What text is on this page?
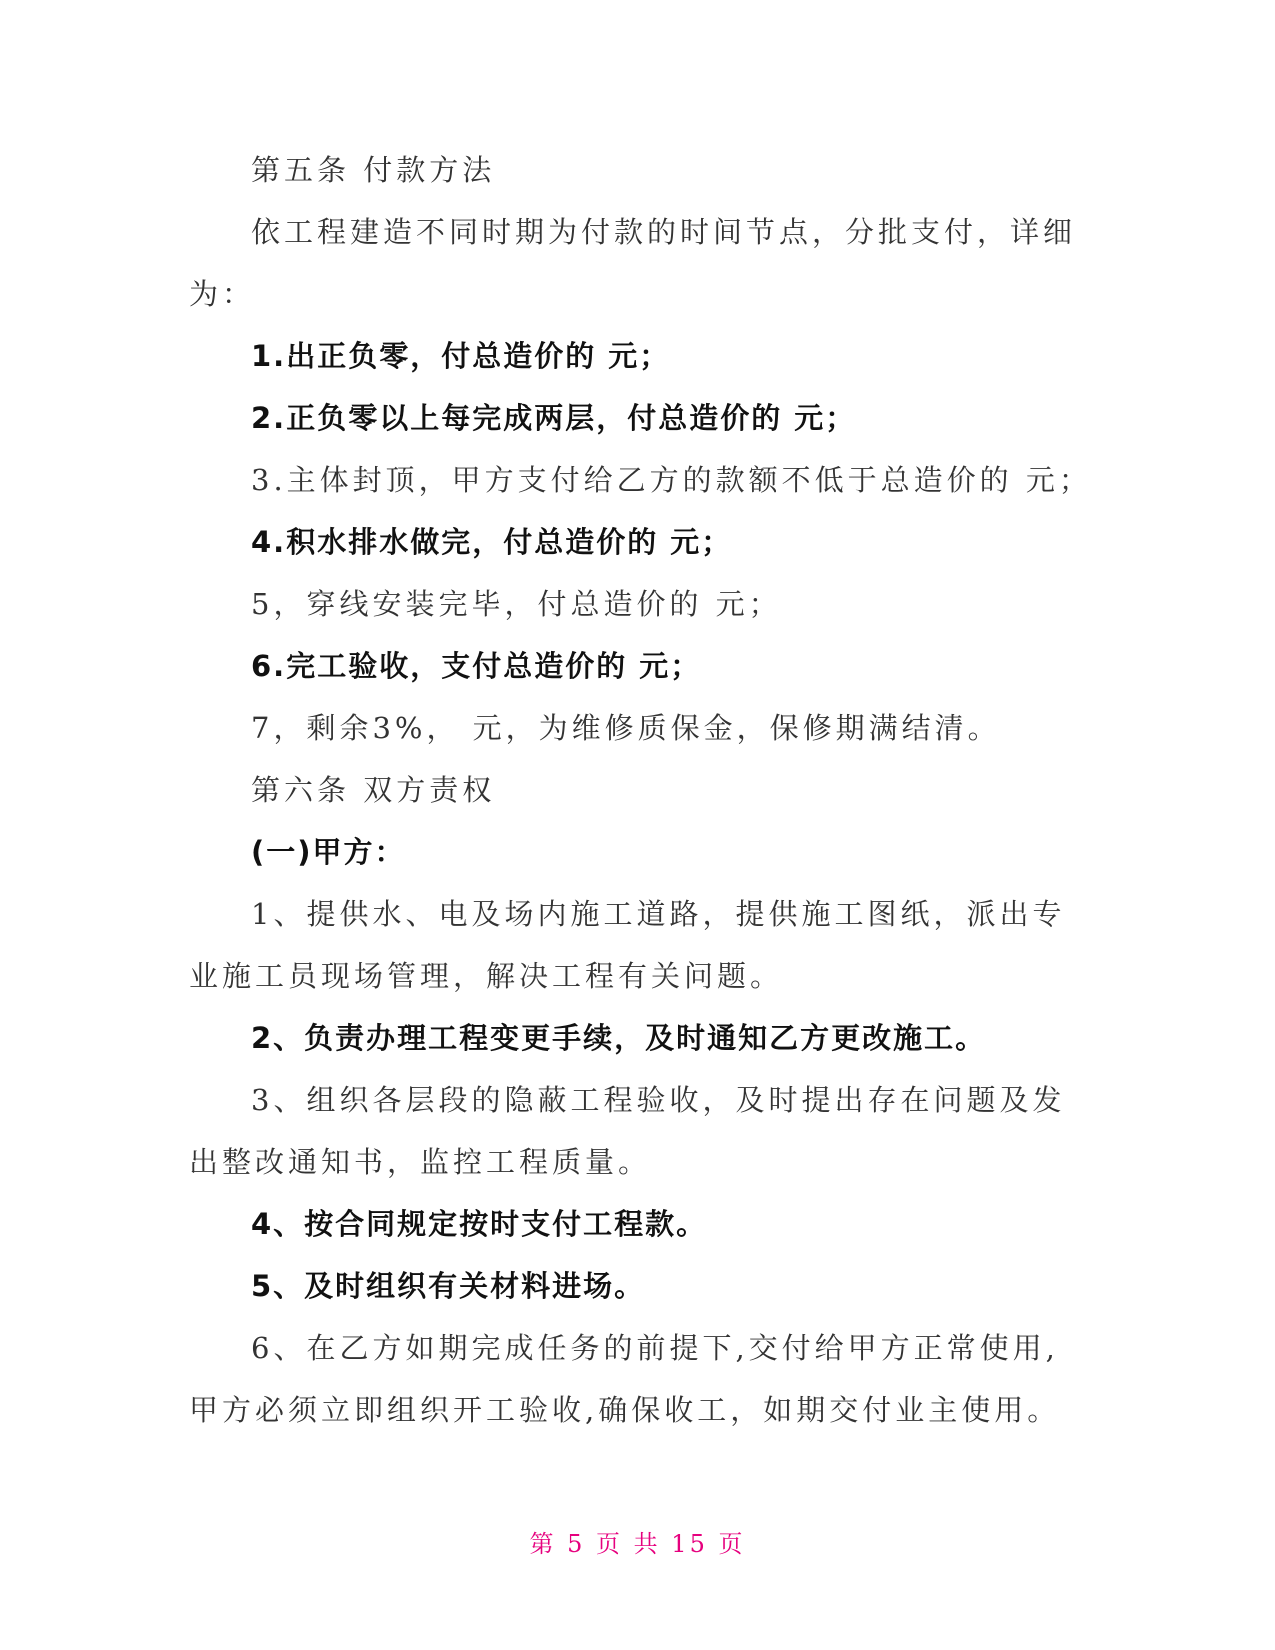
第五条 付款方法
依工程建造不同时期为付款的时间节点，分批支付，详细
为：
1.出正负零，付总造价的 元；
2.正负零以上每完成两层，付总造价的 元；
3.主体封顶，甲方支付给乙方的款额不低于总造价的 元；
4.积水排水做完，付总造价的 元；
5，穿线安装完毕，付总造价的 元；
6.完工验收，支付总造价的 元；
7，剩余3%， 元，为维修质保金，保修期满结清。
第六条 双方责权
(一)甲方：
1、提供水、电及场内施工道路，提供施工图纸，派出专
业施工员现场管理，解决工程有关问题。
2、负责办理工程变更手续，及时通知乙方更改施工。
3、组织各层段的隐蔽工程验收，及时提出存在问题及发
出整改通知书，监控工程质量。
4、按合同规定按时支付工程款。
5、及时组织有关材料进场。
6、在乙方如期完成任务的前提下,交付给甲方正常使用,
甲方必须立即组织开工验收,确保收工，如期交付业主使用。
第 5 页 共 15 页
